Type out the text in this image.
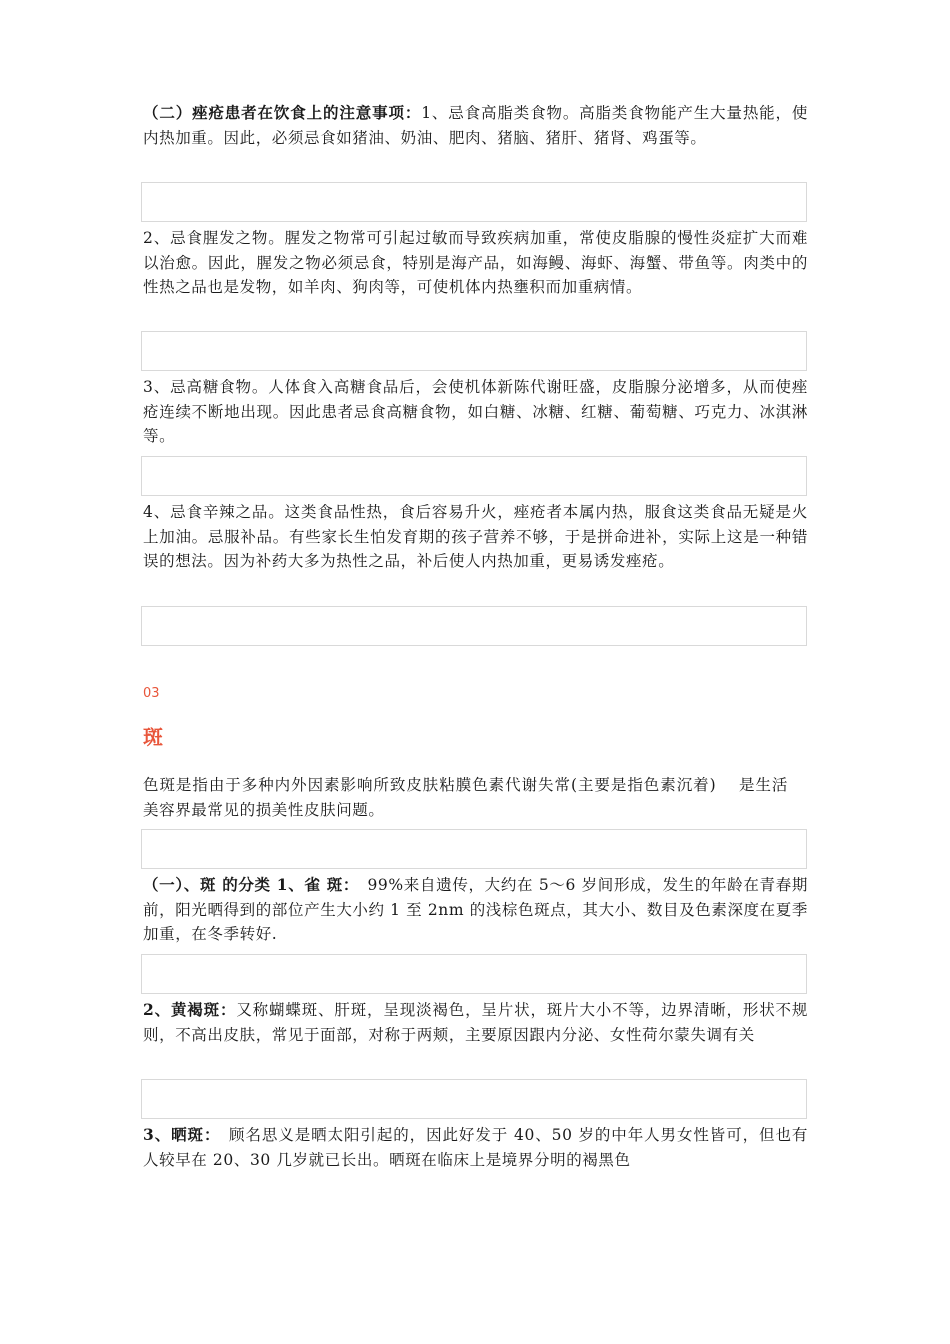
（二）痤疮患者在饮食上的注意事项：1、忌食高脂类食物。高脂类食物能产生大量热能，使内热加重。因此，必须忌食如猪油、奶油、肥肉、猪脑、猪肝、猪肾、鸡蛋等。

2、忌食腥发之物。腥发之物常可引起过敏而导致疾病加重，常使皮脂腺的慢性炎症扩大而难以治愈。因此，腥发之物必须忌食，特别是海产品，如海鳗、海虾、海蟹、带鱼等。肉类中的性热之品也是发物，如羊肉、狗肉等，可使机体内热壅积而加重病情。

3、忌高糖食物。人体食入高糖食品后，会使机体新陈代谢旺盛，皮脂腺分泌增多，从而使痤疮连续不断地出现。因此患者忌食高糖食物，如白糖、冰糖、红糖、葡萄糖、巧克力、冰淇淋等。

4、忌食辛辣之品。这类食品性热，食后容易升火，痤疮者本属内热，服食这类食品无疑是火上加油。忌服补品。有些家长生怕发育期的孩子营养不够，于是拼命进补，实际上这是一种错误的想法。因为补药大多为热性之品，补后使人内热加重，更易诱发痤疮。

03
斑

色斑是指由于多种内外因素影响所致皮肤粘膜色素代谢失常(主要是指色素沉着)　 是生活美容界最常见的损美性皮肤问题。

（一）、斑 的分类 1、雀 斑：　99%来自遗传，大约在 5～6 岁间形成，发生的年龄在青春期前，阳光晒得到的部位产生大小约 1 至 2nm 的浅棕色斑点，其大小、数目及色素深度在夏季加重，在冬季转好.

2、黄褐斑：又称蝴蝶斑、肝斑，呈现淡褐色，呈片状，斑片大小不等，边界清晰，形状不规则，不高出皮肤，常见于面部，对称于两颊，主要原因跟内分泌、女性荷尔蒙失调有关

3、晒斑：　顾名思义是晒太阳引起的，因此好发于 40、50 岁的中年人男女性皆可，但也有人较早在 20、30 几岁就已长出。晒斑在临床上是境界分明的褐黑色
